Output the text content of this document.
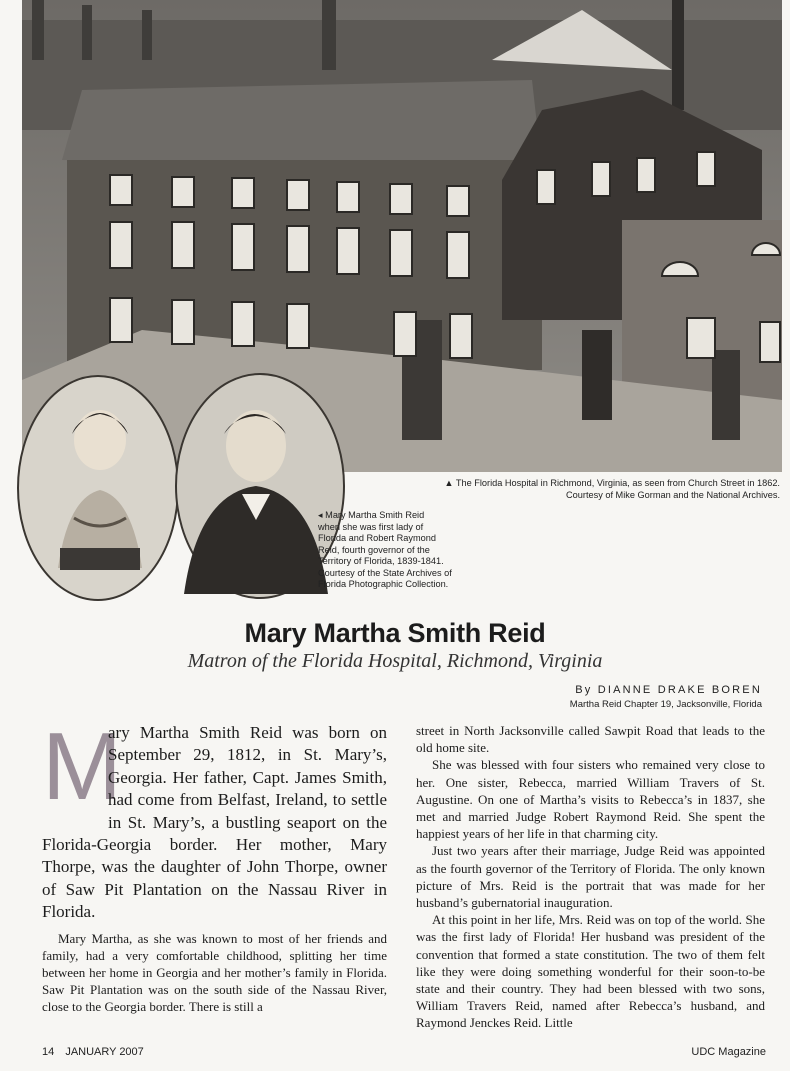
▲ The Florida Hospital in Richmond, Virginia, as seen from Church Street in 1862.

Courtesy of Mike Gorman and the National Archives.

◂ Mary Martha Smith Reid

when she was first lady of

Florida and Robert Raymond

Reid, fourth governor of the

Territory of Florida, 1839-1841.

Courtesy of the State Archives of

Florida Photographic Collection.

Mary Martha Smith Reid
Matron of the Florida Hospital, Richmond, Virginia
By DIANNE DRAKE BOREN
Martha Reid Chapter 19, Jacksonville, Florida
M

ary Martha Smith Reid was born on September 29, 1812, in St. Mary’s, Georgia. Her father, Capt. James Smith, had come from Belfast, Ireland, to settle in St. Mary’s, a bustling seaport on the Florida-Georgia border. Her mother, Mary Thorpe, was the daughter of John Thorpe, owner of Saw Pit Plantation on the Nassau River in Florida.

Mary Martha, as she was known to most of her friends and family, had a very comfortable childhood, splitting her time between her home in Georgia and her mother’s family in Florida. Saw Pit Plantation was on the south side of the Nassau River, close to the Georgia border. There is still a

street in North Jacksonville called Sawpit Road that leads to the old home site.

She was blessed with four sisters who remained very close to her. One sister, Rebecca, married William Travers of St. Augustine. On one of Martha’s visits to Rebecca’s in 1837, she met and married Judge Robert Raymond Reid. She spent the happiest years of her life in that charming city.

Just two years after their marriage, Judge Reid was appointed as the fourth governor of the Territory of Florida. The only known picture of Mrs. Reid is the portrait that was made for her husband’s gubernatorial inauguration.

At this point in her life, Mrs. Reid was on top of the world. She was the first lady of Florida! Her husband was president of the convention that formed a state constitution. The two of them felt like they were doing something wonderful for their soon-to-be state and their country. They had been blessed with two sons, William Travers Reid, named after Rebecca’s husband, and Raymond Jenckes Reid. Little

14 JANUARY 2007	UDC Magazine
